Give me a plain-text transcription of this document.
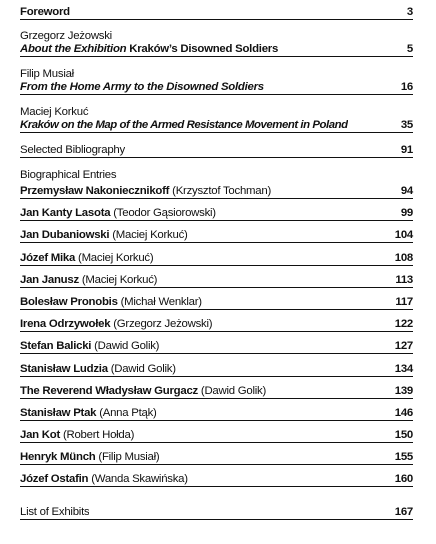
Foreword	3
Grzegorz Jeżowski
About the Exhibition Kraków’s Disowned Soldiers	5
Filip Musiał
From the Home Army to the Disowned Soldiers	16
Maciej Korkuć
Kraków on the Map of the Armed Resistance Movement in Poland	35
Selected Bibliography	91
Biographical Entries
Przemysław Nakoniecznikoff (Krzysztof Tochman)	94
Jan Kanty Lasota (Teodor Gąsiorowski)	99
Jan Dubaniowski (Maciej Korkuć)	104
Józef Mika (Maciej Korkuć)	108
Jan Janusz (Maciej Korkuć)	113
Bolesław Pronobis (Michał Wenklar)	117
Irena Odrzywołek (Grzegorz Jeżowski)	122
Stefan Balicki (Dawid Golik)	127
Stanisław Ludzia (Dawid Golik)	134
The Reverend Władysław Gurgacz (Dawid Golik)	139
Stanisław Ptak (Anna Ptąk)	146
Jan Kot (Robert Hołda)	150
Henryk Münch (Filip Musiał)	155
Józef Ostafin (Wanda Skawińska)	160
List of Exhibits	167
